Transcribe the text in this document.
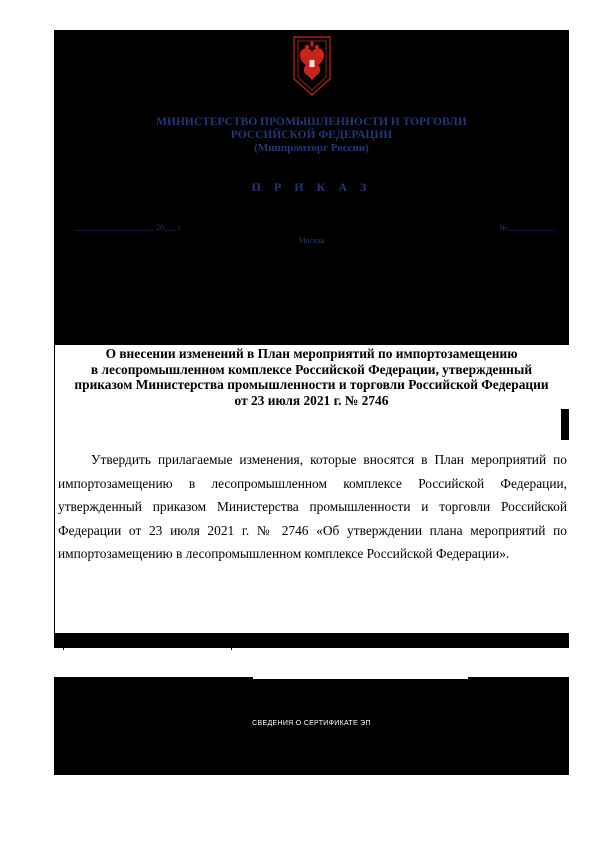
МИНИСТЕРСТВО ПРОМЫШЛЕННОСТИ И ТОРГОВЛИ
РОССИЙСКОЙ ФЕДЕРАЦИИ
(Минпромторг России)
П Р И К А З
____________________ 20___ г.	№____________
Москва
О внесении изменений в План мероприятий по импортозамещению
в лесопромышленном комплексе Российской Федерации, утвержденный
приказом Министерства промышленности и торговли Российской Федерации
от 23 июля 2021 г. № 2746

Утвердить прилагаемые изменения, которые вносятся в План мероприятий по импортозамещению в лесопромышленном комплексе Российской Федерации, утвержденный приказом Министерства промышленности и торговли Российской Федерации от 23 июля 2021 г. № 2746 «Об утверждении плана мероприятий по импортозамещению в лесопромышленном комплексе Российской Федерации».

СВЕДЕНИЯ О СЕРТИФИКАТЕ ЭП
